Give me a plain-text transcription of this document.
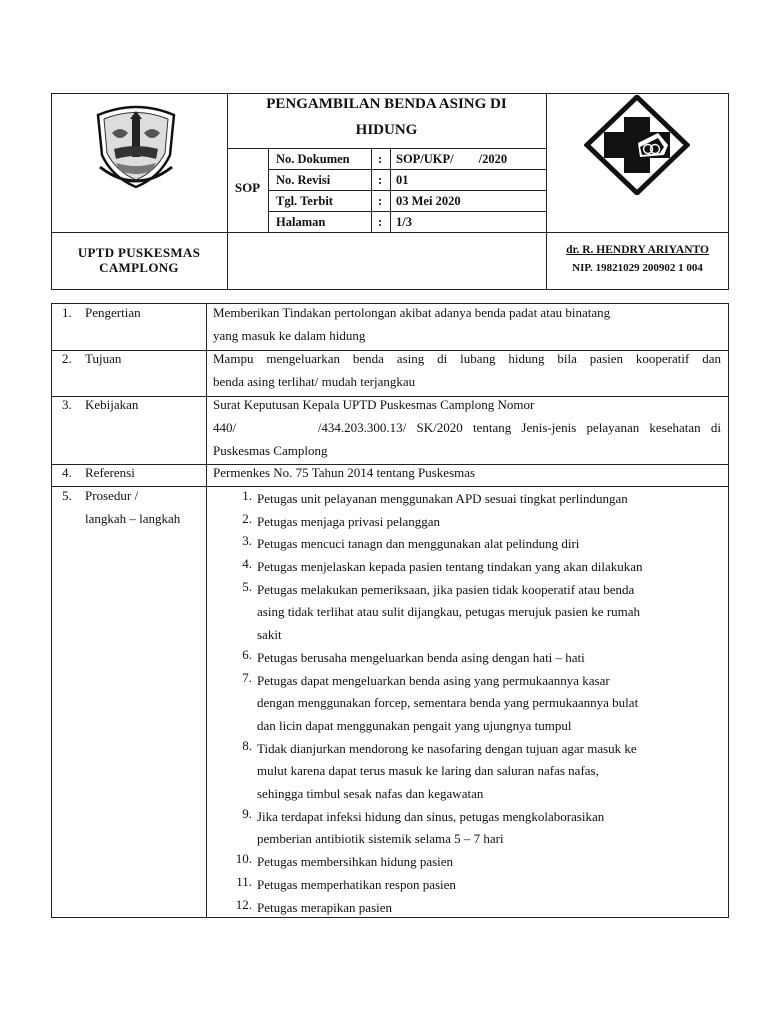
PENGAMBILAN BENDA ASING DI
HIDUNG
SOP
No. Dokumen : SOP/UKP/        /2020
No. Revisi	: 01
Tgl. Terbit	: 03 Mei 2020
Halaman	: 1/3
UPTD PUSKESMAS
CAMPLONG
dr. R. HENDRY ARIYANTO
NIP. 19821029 200902 1 004
1. Pengertian	Memberikan Tindakan pertolongan akibat adanya benda padat atau binatang
yang masuk ke dalam hidung
2. Tujuan	Mampu mengeluarkan benda asing di lubang hidung bila pasien kooperatif dan
benda asing terlihat/ mudah terjangkau
3. Kebijakan	Surat Keputusan Kepala UPTD Puskesmas Camplong Nomor
440/        /434.203.300.13/ SK/2020 tentang Jenis-jenis pelayanan kesehatan di
Puskesmas Camplong
4. Referensi	Permenkes No. 75 Tahun 2014 tentang Puskesmas
5. Prosedur /
langkah – langkah
1. Petugas unit pelayanan menggunakan APD sesuai tingkat perlindungan
2. Petugas menjaga privasi pelanggan
3. Petugas mencuci tanagn dan menggunakan alat pelindung diri
4. Petugas menjelaskan kepada pasien tentang tindakan yang akan dilakukan
5. Petugas melakukan pemeriksaan, jika pasien tidak kooperatif atau benda
asing tidak terlihat atau sulit dijangkau, petugas merujuk pasien ke rumah
sakit
6. Petugas berusaha mengeluarkan benda asing dengan hati – hati
7. Petugas dapat mengeluarkan benda asing yang permukaannya kasar
dengan menggunakan forcep, sementara benda yang permukaannya bulat
dan licin dapat menggunakan pengait yang ujungnya tumpul
8. Tidak dianjurkan mendorong ke nasofaring dengan tujuan agar masuk ke
mulut karena dapat terus masuk ke laring dan saluran nafas nafas,
sehingga timbul sesak nafas dan kegawatan
9. Jika terdapat infeksi hidung dan sinus, petugas mengkolaborasikan
pemberian antibiotik sistemik selama 5 – 7 hari
10. Petugas membersihkan hidung pasien
11. Petugas memperhatikan respon pasien
12. Petugas merapikan pasien
